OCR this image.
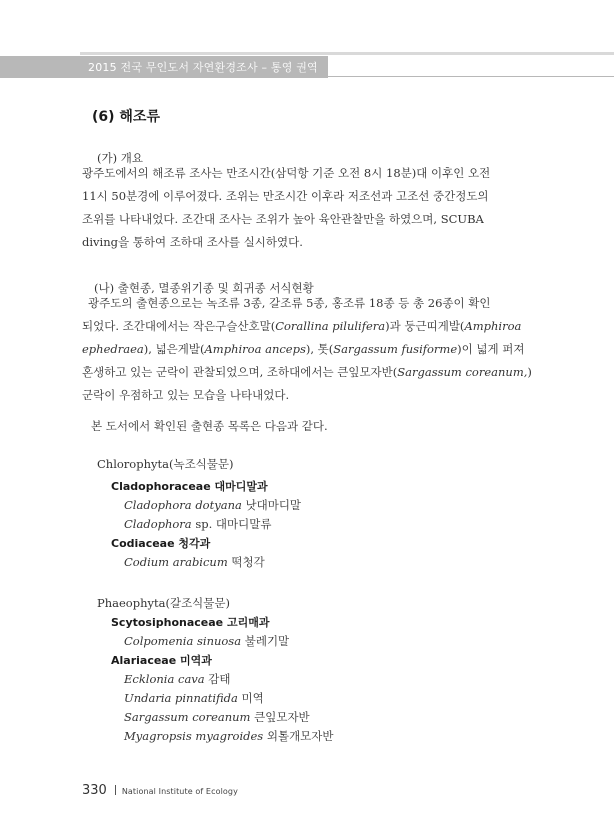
2015 전국 무인도서 자연환경조사 – 통영 권역
(6) 해조류
(가) 개요

광주도에서의 해조류 조사는 만조시간(삼덕항 기준 오전 8시 18분)대 이후인 오전

11시 50분경에 이루어졌다. 조위는 만조시간 이후라 저조선과 고조선 중간정도의

조위를 나타내었다. 조간대 조사는 조위가 높아 육안관찰만을 하였으며, SCUBA

diving을 통하여 조하대 조사를 실시하였다.

(나) 출현종, 멸종위기종 및 희귀종 서식현황

광주도의 출현종으로는 녹조류 3종, 갈조류 5종, 홍조류 18종 등 총 26종이 확인

되었다. 조간대에서는 작은구슬산호말(Corallina pilulifera)과 둥근띠게발(Amphiroa

ephedraea), 넓은게발(Amphiroa anceps), 톳(Sargassum fusiforme)이 넓게 퍼져

혼생하고 있는 군락이 관찰되었으며, 조하대에서는 큰잎모자반(Sargassum coreanum,)

군락이 우점하고 있는 모습을 나타내었다.

본 도서에서 확인된 출현종 목록은 다음과 같다.
Chlorophyta(녹조식물문)
Cladophoraceae 대마디말과
Cladophora dotyana 낫대마디말
Cladophora sp. 대마디말류
Codiaceae 청각과
Codium arabicum 떡청각
Phaeophyta(갈조식물문)
Scytosiphonaceae 고리매과
Colpomenia sinuosa 불레기말
Alariaceae 미역과
Ecklonia cava 감태
Undaria pinnatifida 미역
Sargassum coreanum 큰잎모자반
Myagropsis myagroides 외톨개모자반
330 National Institute of Ecology
